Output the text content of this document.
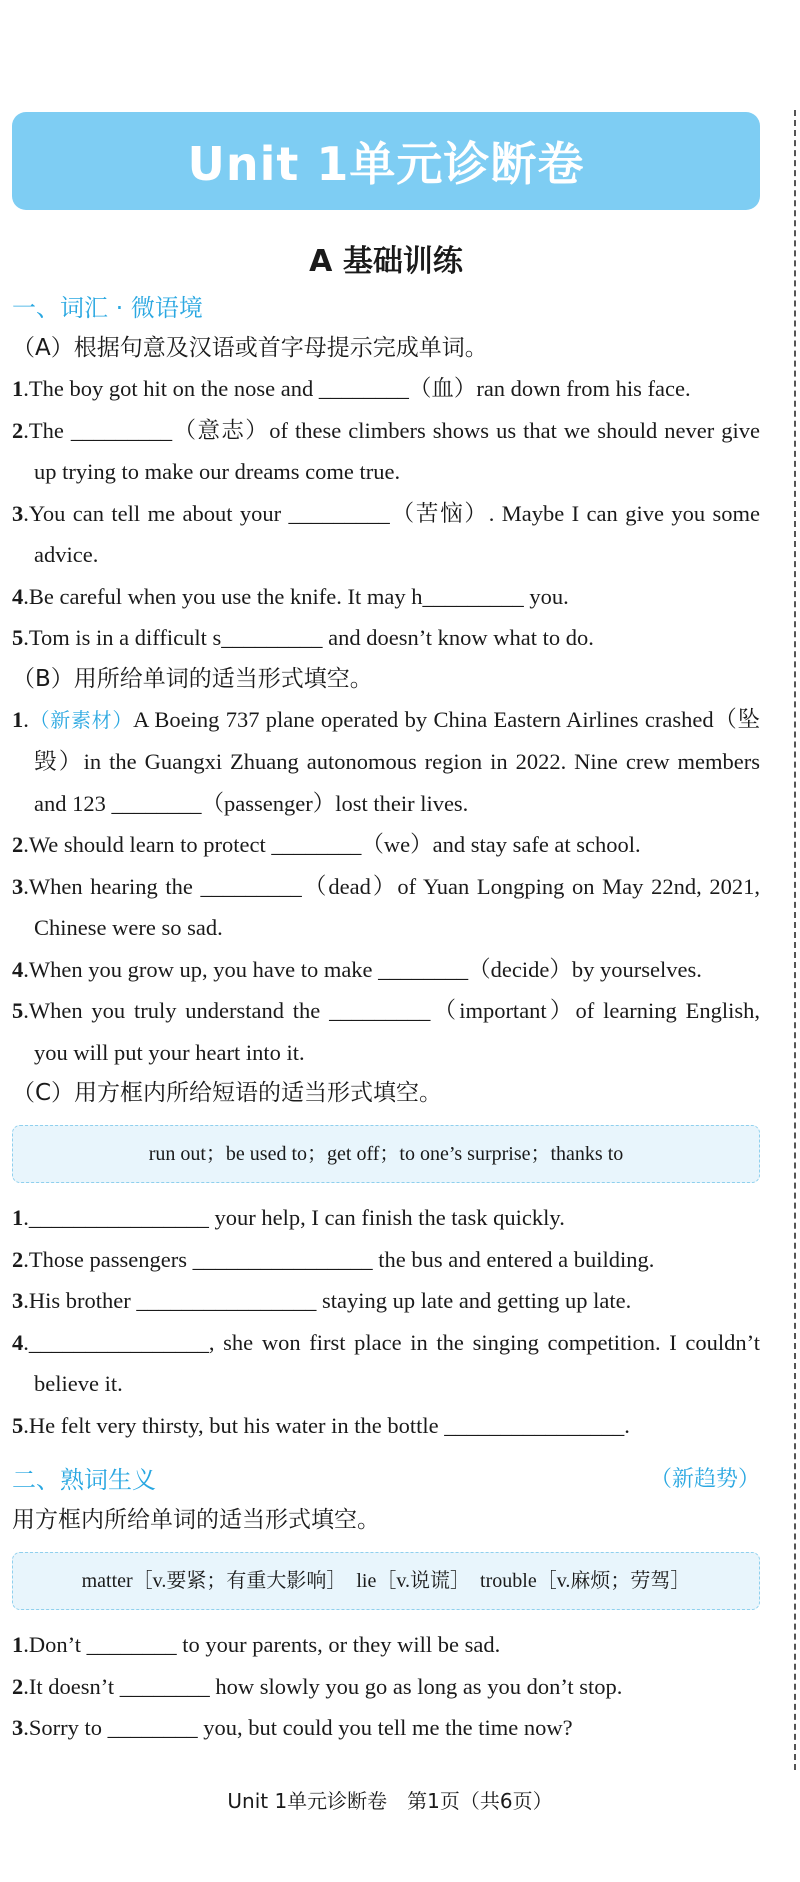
Unit 1单元诊断卷
A 基础训练
一、词汇 · 微语境
（A）根据句意及汉语或首字母提示完成单词。

1.The boy got hit on the nose and ________（血）ran down from his face.

2.The _________（意志）of these climbers shows us that we should never give up trying to make our dreams come true.

3.You can tell me about your _________（苦恼）. Maybe I can give you some advice.

4.Be careful when you use the knife. It may h_________ you.

5.Tom is in a difficult s_________ and doesn’t know what to do.

（B）用所给单词的适当形式填空。

1.（新素材）A Boeing 737 plane operated by China Eastern Airlines crashed（坠毁）in the Guangxi Zhuang autonomous region in 2022. Nine crew members and 123 ________（passenger）lost their lives.

2.We should learn to protect ________（we）and stay safe at school.

3.When hearing the _________（dead）of Yuan Longping on May 22nd, 2021, Chinese were so sad.

4.When you grow up, you have to make ________（decide）by yourselves.

5.When you truly understand the _________（important）of learning English, you will put your heart into it.

（C）用方框内所给短语的适当形式填空。
run out；be used to；get off；to one’s surprise；thanks to

1.________________ your help, I can finish the task quickly.

2.Those passengers ________________ the bus and entered a building.

3.His brother ________________ staying up late and getting up late.

4.________________, she won first place in the singing competition. I couldn’t believe it.

5.He felt very thirsty, but his water in the bottle ________________.

二、熟词生义	（新趋势）
用方框内所给单词的适当形式填空。
matter［v.要紧；有重大影响］　lie［v.说谎］　trouble［v.麻烦；劳驾］

1.Don’t ________ to your parents, or they will be sad.

2.It doesn’t ________ how slowly you go as long as you don’t stop.

3.Sorry to ________ you, but could you tell me the time now?

Unit 1单元诊断卷　第1页（共6页）
